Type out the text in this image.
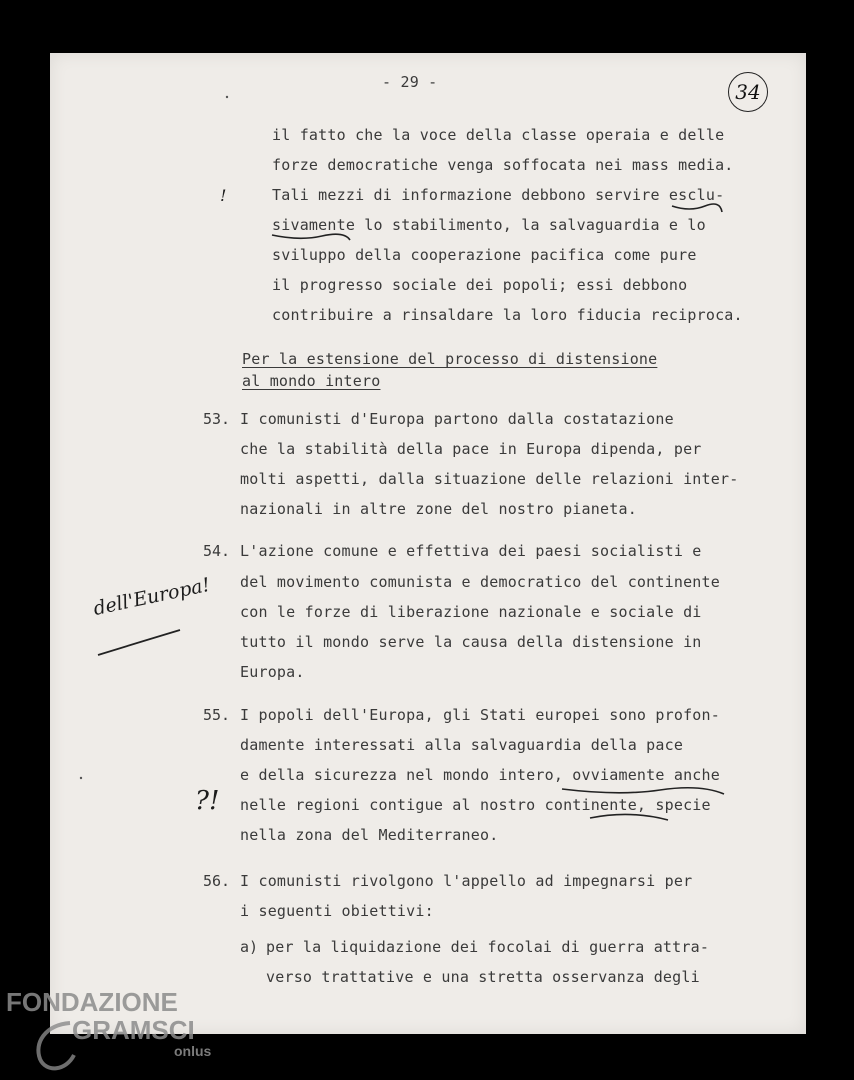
- 29 -	34
il fatto che la voce della classe operaia e delle
forze democratiche venga soffocata nei mass media.
Tali mezzi di informazione debbono servire esclu-
sivamente lo stabilimento, la salvaguardia e lo
sviluppo della cooperazione pacifica come pure
il progresso sociale dei popoli; essi debbono
contribuire a rinsaldare la loro fiducia reciproca.
Per la estensione del processo di distensione
al mondo intero
53. I comunisti d'Europa partono dalla costatazione
che la stabilità della pace in Europa dipenda, per
molti aspetti, dalla situazione delle relazioni inter-
nazionali in altre zone del nostro pianeta.
54. L'azione comune e effettiva dei paesi socialisti e
del movimento comunista e democratico del continente
con le forze di liberazione nazionale e sociale di
tutto il mondo serve la causa della distensione in
Europa.
55. I popoli dell'Europa, gli Stati europei sono profon-
damente interessati alla salvaguardia della pace
e della sicurezza nel mondo intero, ovviamente anche
nelle regioni contigue al nostro continente, specie
nella zona del Mediterraneo.
56. I comunisti rivolgono l'appello ad impegnarsi per
i seguenti obiettivi:
a) per la liquidazione dei focolai di guerra attra-
verso trattative e una stretta osservanza degli
dell'Europa!
?!
!
FONDAZIONE
GRAMSCI
onlus
